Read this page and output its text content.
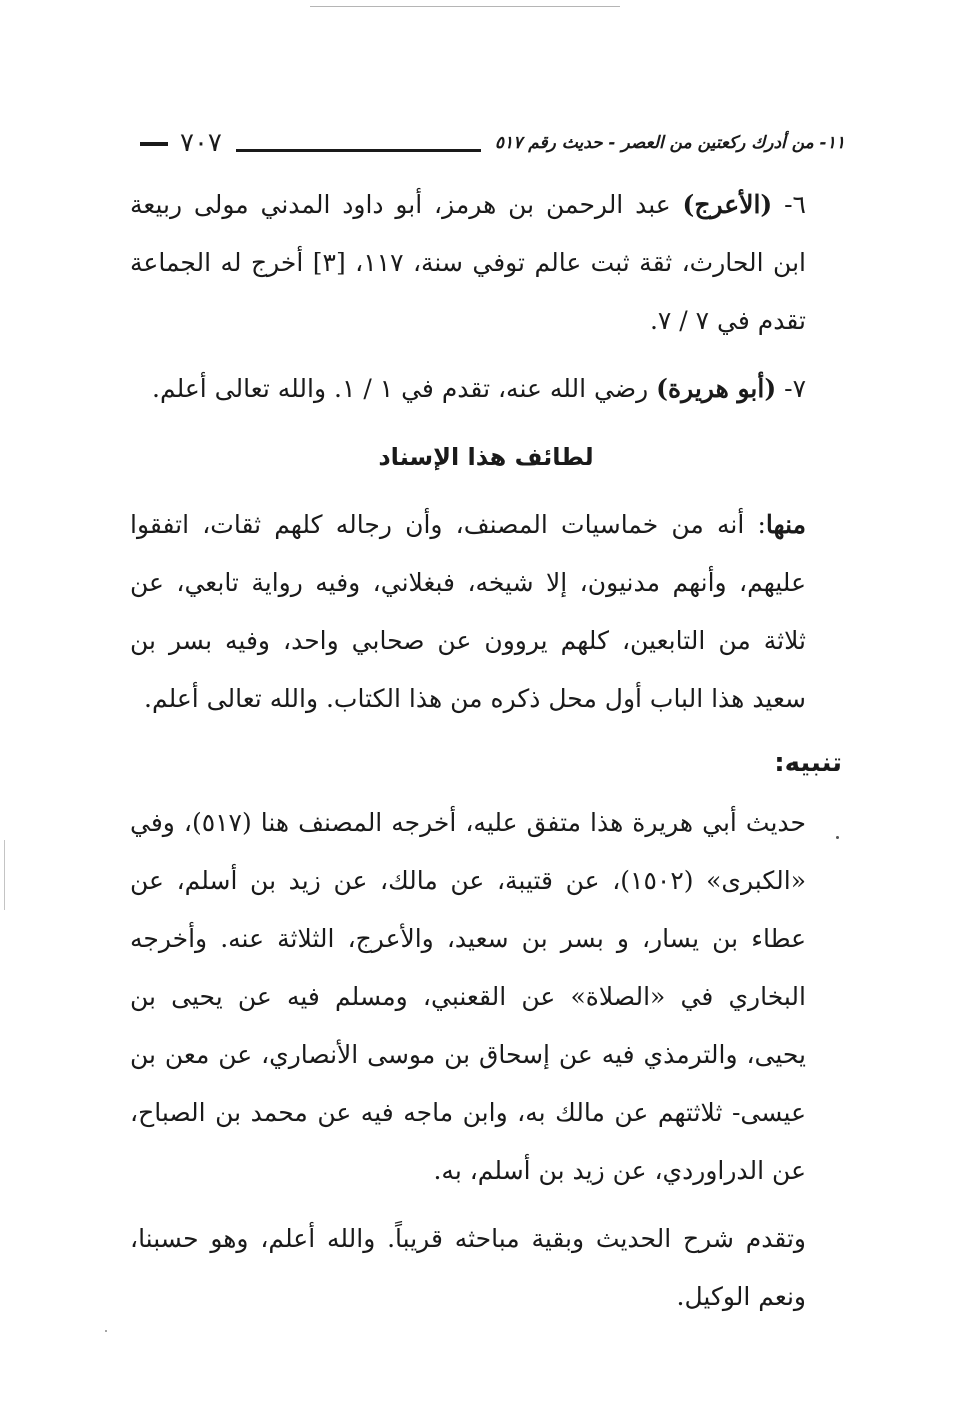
١١- من أدرك ركعتين من العصر - حديث رقم ٥١٧
٧٠٧

٦- (الأعرج) عبد الرحمن بن هرمز، أبو داود المدني مولى ربيعة ابن الحارث، ثقة ثبت عالم توفي سنة، ١١٧، [٣] أخرج له الجماعة تقدم في ٧ / ٧.

٧- (أبو هريرة) رضي الله عنه، تقدم في ١ / ١. والله تعالى أعلم.

لطائف هذا الإسناد

منها: أنه من خماسيات المصنف، وأن رجاله كلهم ثقات، اتفقوا عليهم، وأنهم مدنيون، إلا شيخه، فبغلاني، وفيه رواية تابعي، عن ثلاثة من التابعين، كلهم يروون عن صحابي واحد، وفيه بسر بن سعيد هذا الباب أول محل ذكره من هذا الكتاب. والله تعالى أعلم.

تنبيه:

حديث أبي هريرة هذا متفق عليه، أخرجه المصنف هنا (٥١٧)، وفي «الكبرى» (١٥٠٢)، عن قتيبة، عن مالك، عن زيد بن أسلم، عن عطاء بن يسار، و بسر بن سعيد، والأعرج، الثلاثة عنه. وأخرجه البخاري في «الصلاة» عن القعنبي، ومسلم فيه عن يحيى بن يحيى، والترمذي فيه عن إسحاق بن موسى الأنصاري، عن معن بن عيسى- ثلاثتهم عن مالك به، وابن ماجه فيه عن محمد بن الصباح، عن الدراوردي، عن زيد بن أسلم، به.

وتقدم شرح الحديث وبقية مباحثه قريباً. والله أعلم، وهو حسبنا، ونعم الوكيل.
